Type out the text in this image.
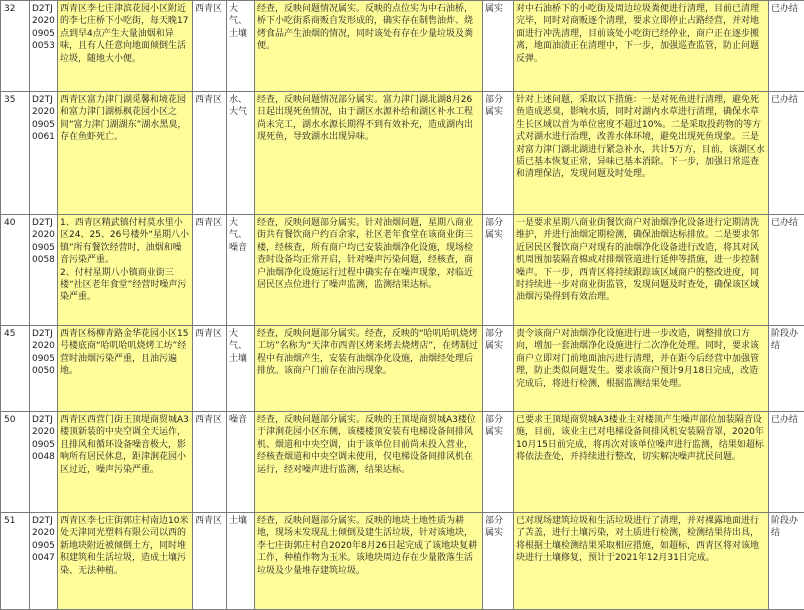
32	D2TJ202009050053	西青区李七庄津滨花园小区附近的李七庄桥下小吃街，每天晚17点到早4点产生大量油烟和异味，且有人任意向地面倾倒生活垃圾，随地大小便。	西青区	大气、土壤	经查，反映问题情况属实。反映的点位实为中石油桥，桥下小吃街系商贩自发形成的，确实存在制售油炸、烧烤食品产生油烟的情况，同时该处有存在少量垃圾及粪便。	属实	对中石油桥下的小吃街及周边垃圾粪便进行清理，目前已清理完毕，同时对商贩逐个清理，要求立即停止占路经营，并对地面进行冲洗清理，目前该处小吃街已经停业，商户正在逐步搬离，地面油渍正在清理中，下一步，加强巡查监管，防止问题反弹。	已办结
35	D2TJ202009050061	西青区富力津门湖觅馨和境花园和富力津门湖栎枫花园小区之间“富力津门湖湖东”湖水黑臭，存在鱼虾死亡。	西青区	水、大气	经查，反映问题情况部分属实。富力津门湖北湖8月26日起出现死鱼情况，由于湖区水源补给和湖区补水工程尚未完工，湖水水源长期得不到有效补充，造成湖内出现死鱼，导致湖水出现异味。	部分属实	针对上述问题，采取以下措施：一是对死鱼进行清理，避免死鱼造成恶臭，影响水质，同时对湖内水草进行清理，确保水草生长区域以首为单位密度不超过10%。二是采取投药物的等方式对湖水进行治理，改善水体环境，避免出现死鱼现象。三是对富力津门湖北湖进行紧急补水，共计5万方，目前，该湖区水质已基本恢复正常，异味已基本消除。下一步，加强日常巡查和清理保洁，发现问题及时处理。	已办结
40	D2TJ202009050058	1、西青区精武镇付村莫水里小区24、25、26号楼外“星期八小镇”所有餐饮经营时，油烟和噪音污染严重。
2、付村星期八小镇商业街三楼“社区老年食堂”经营时噪声污染严重。	西青区	大气、噪音	经查，反映问题部分属实。针对油烟问题，星期八商业街共有餐饮商户约百余家，社区老年食堂在该商业街三楼，经核查，所有商户均已安装油烟净化设施，现场检查时设备均正常开启，针对噪声污染问题，经核查，商户油烟净化设施运行过程中确实存在噪声现象，对临近居民区点位进行了噪声监测，监测结果达标。	部分属实	一是要求星期八商业街餐饮商户对油烟净化设备进行定期清洗维护，并进行油烟定期检测，确保油烟达标排放。二是要求邻近居民区餐饮商户对现有的油烟净化设备进行改造，将其对风机周围加装隔音棉或对排烟管道进行延伸等措施，进一步控制噪声。下一步，西青区将持续跟踪该区域商户的整改进度，同时持续进一步对商业街监管，发现问题及时查处，确保该区域油烟污染得到有效治理。	已办结
45	D2TJ202009050050	西青区杨柳青路金华花园小区15号楼底商“哈叽哈叽烧烤工坊”经营时油烟污染严重，且油污遍地。	西青区	大气、土壤	经查，反映问题部分属实。经查，反映的“哈叽哈叽烧烤工坊”名称为“天津市西青区烤来烤去烧烤店”，在烤制过程中有油烟产生，安装有油烟净化设施，油烟经处理后排放。该商户门前存在油污现象。	部分属实	责令该商户对油烟净化设施进行进一步改造，调整排放口方向，增加一套油烟净化设施进行二次净化处理。同时，要求该商户立即对门前地面油污进行清理，并在距今后经营中加强管理，防止类似问题发生。要求该商户预计9月18日完成，改造完成后，将进行检测，根据监测结果处理。	阶段办结
50	D2TJ202009050048	西青区西营门街王顶堤商贸城A3楼顶新装的中央空调全天运作，且排风和循环设备噪音极大，影响所有居民休息，距津涧花园小区过近，噪声污染严重。	西青区	噪音	经查，反映问题部分属实。反映的王顶堤商贸城A3楼位于津涧花园小区东侧，该楼楼顶安装有电梯设备间排风机、烟道和中央空调，由于该单位目前尚未投入营业，经核查烟道和中央空调未使用，仅电梯设备间排风机在运行，经对噪声进行监测，结果达标。	部分属实	已要求王顶堤商贸城A3楼业主对楼顶产生噪声部位加装隔音设施，目前，该业主已对电梯设备间排风机安装隔音罩，2020年10月15日前完成，将再次对该单位噪声进行监测，结果如超标将依法查处，并持续进行整改，切实解决噪声扰民问题。	已办结
51	D2TJ202009050047	西青区李七庄街郭庄村南边10米处天津同光塑料有限公司以西的新地块附近被倾倒土方，同时堆积建筑和生活垃圾，造成土壤污染、无法种植。	西青区	土壤	经查，反映问题部分属实。反映的地块土地性质为耕地，现场未发现乱土倾倒及建生活垃圾，针对该地块，李七庄街郭庄村自2020年8月26日起完成了该地块复耕工作，种植作物为玉米。该地块周边存在少量散落生活垃圾及少量堆存建筑垃圾。	部分属实	已对现场建筑垃圾和生活垃圾进行了清理，并对裸露地面进行了苫盖，进行土壤污染，对土质进行检测，检测结果待出具，将根据土壤检测结果采取相应措施，如超标，西青区将对该地块进行土壤修复，预计于2021年12月31日完成。	阶段办结
